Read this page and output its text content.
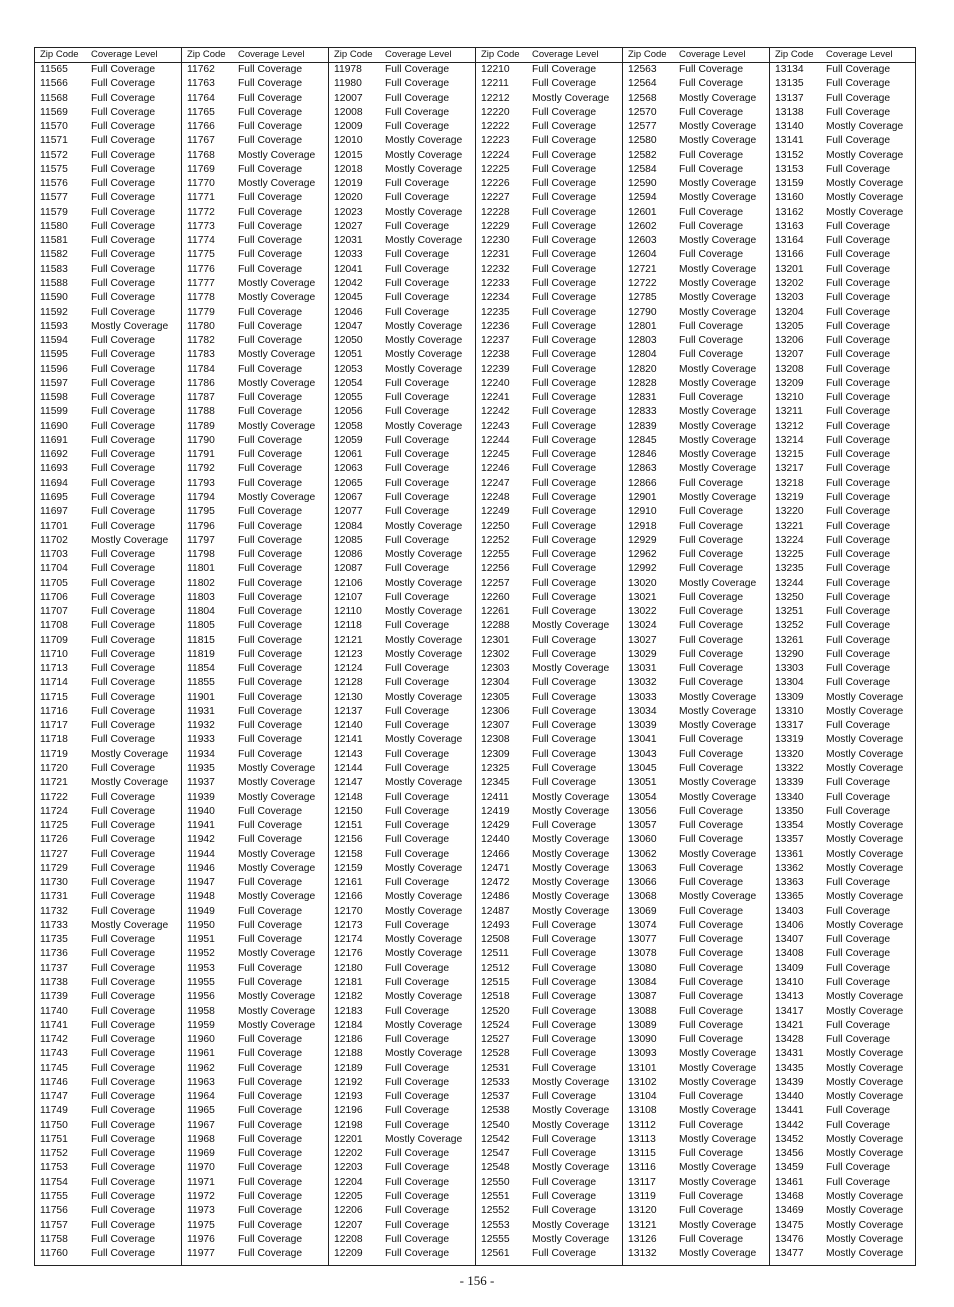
Zip Code	Coverage Level
11565	Full Coverage
11566	Full Coverage
11568	Full Coverage
11569	Full Coverage
11570	Full Coverage
11571	Full Coverage
11572	Full Coverage
11575	Full Coverage
11576	Full Coverage
11577	Full Coverage
11579	Full Coverage
11580	Full Coverage
11581	Full Coverage
11582	Full Coverage
11583	Full Coverage
11588	Full Coverage
11590	Full Coverage
11592	Full Coverage
11593	Mostly Coverage
11594	Full Coverage
11595	Full Coverage
11596	Full Coverage
11597	Full Coverage
11598	Full Coverage
11599	Full Coverage
11690	Full Coverage
11691	Full Coverage
11692	Full Coverage
11693	Full Coverage
11694	Full Coverage
11695	Full Coverage
11697	Full Coverage
11701	Full Coverage
11702	Mostly Coverage
11703	Full Coverage
11704	Full Coverage
11705	Full Coverage
11706	Full Coverage
11707	Full Coverage
11708	Full Coverage
11709	Full Coverage
11710	Full Coverage
11713	Full Coverage
11714	Full Coverage
11715	Full Coverage
11716	Full Coverage
11717	Full Coverage
11718	Full Coverage
11719	Mostly Coverage
11720	Full Coverage
11721	Mostly Coverage
11722	Full Coverage
11724	Full Coverage
11725	Full Coverage
11726	Full Coverage
11727	Full Coverage
11729	Full Coverage
11730	Full Coverage
11731	Full Coverage
11732	Full Coverage
11733	Mostly Coverage
11735	Full Coverage
11736	Full Coverage
11737	Full Coverage
11738	Full Coverage
11739	Full Coverage
11740	Full Coverage
11741	Full Coverage
11742	Full Coverage
11743	Full Coverage
11745	Full Coverage
11746	Full Coverage
11747	Full Coverage
11749	Full Coverage
11750	Full Coverage
11751	Full Coverage
11752	Full Coverage
11753	Full Coverage
11754	Full Coverage
11755	Full Coverage
11756	Full Coverage
11757	Full Coverage
11758	Full Coverage
11760	Full Coverage
Zip Code	Coverage Level
11762	Full Coverage
11763	Full Coverage
11764	Full Coverage
11765	Full Coverage
11766	Full Coverage
11767	Full Coverage
11768	Mostly Coverage
11769	Full Coverage
11770	Mostly Coverage
11771	Full Coverage
11772	Full Coverage
11773	Full Coverage
11774	Full Coverage
11775	Full Coverage
11776	Full Coverage
11777	Mostly Coverage
11778	Mostly Coverage
11779	Full Coverage
11780	Full Coverage
11782	Full Coverage
11783	Mostly Coverage
11784	Full Coverage
11786	Mostly Coverage
11787	Full Coverage
11788	Full Coverage
11789	Mostly Coverage
11790	Full Coverage
11791	Full Coverage
11792	Full Coverage
11793	Full Coverage
11794	Mostly Coverage
11795	Full Coverage
11796	Full Coverage
11797	Full Coverage
11798	Full Coverage
11801	Full Coverage
11802	Full Coverage
11803	Full Coverage
11804	Full Coverage
11805	Full Coverage
11815	Full Coverage
11819	Full Coverage
11854	Full Coverage
11855	Full Coverage
11901	Full Coverage
11931	Full Coverage
11932	Full Coverage
11933	Full Coverage
11934	Full Coverage
11935	Mostly Coverage
11937	Mostly Coverage
11939	Mostly Coverage
11940	Full Coverage
11941	Full Coverage
11942	Full Coverage
11944	Mostly Coverage
11946	Mostly Coverage
11947	Full Coverage
11948	Mostly Coverage
11949	Full Coverage
11950	Full Coverage
11951	Full Coverage
11952	Mostly Coverage
11953	Full Coverage
11955	Full Coverage
11956	Mostly Coverage
11958	Mostly Coverage
11959	Mostly Coverage
11960	Full Coverage
11961	Full Coverage
11962	Full Coverage
11963	Full Coverage
11964	Full Coverage
11965	Full Coverage
11967	Full Coverage
11968	Full Coverage
11969	Full Coverage
11970	Full Coverage
11971	Full Coverage
11972	Full Coverage
11973	Full Coverage
11975	Full Coverage
11976	Full Coverage
11977	Full Coverage
Zip Code	Coverage Level
11978	Full Coverage
11980	Full Coverage
12007	Full Coverage
12008	Full Coverage
12009	Full Coverage
12010	Mostly Coverage
12015	Mostly Coverage
12018	Mostly Coverage
12019	Full Coverage
12020	Full Coverage
12023	Mostly Coverage
12027	Full Coverage
12031	Mostly Coverage
12033	Full Coverage
12041	Full Coverage
12042	Full Coverage
12045	Full Coverage
12046	Full Coverage
12047	Mostly Coverage
12050	Mostly Coverage
12051	Mostly Coverage
12053	Mostly Coverage
12054	Full Coverage
12055	Full Coverage
12056	Full Coverage
12058	Mostly Coverage
12059	Full Coverage
12061	Full Coverage
12063	Full Coverage
12065	Full Coverage
12067	Full Coverage
12077	Full Coverage
12084	Mostly Coverage
12085	Full Coverage
12086	Mostly Coverage
12087	Full Coverage
12106	Mostly Coverage
12107	Full Coverage
12110	Mostly Coverage
12118	Full Coverage
12121	Mostly Coverage
12123	Mostly Coverage
12124	Full Coverage
12128	Full Coverage
12130	Mostly Coverage
12137	Full Coverage
12140	Full Coverage
12141	Mostly Coverage
12143	Full Coverage
12144	Full Coverage
12147	Mostly Coverage
12148	Full Coverage
12150	Full Coverage
12151	Full Coverage
12156	Full Coverage
12158	Full Coverage
12159	Mostly Coverage
12161	Full Coverage
12166	Mostly Coverage
12170	Mostly Coverage
12173	Full Coverage
12174	Mostly Coverage
12176	Mostly Coverage
12180	Full Coverage
12181	Full Coverage
12182	Mostly Coverage
12183	Full Coverage
12184	Mostly Coverage
12186	Full Coverage
12188	Mostly Coverage
12189	Full Coverage
12192	Full Coverage
12193	Full Coverage
12196	Full Coverage
12198	Full Coverage
12201	Mostly Coverage
12202	Full Coverage
12203	Full Coverage
12204	Full Coverage
12205	Full Coverage
12206	Full Coverage
12207	Full Coverage
12208	Full Coverage
12209	Full Coverage
Zip Code	Coverage Level
12210	Full Coverage
12211	Full Coverage
12212	Mostly Coverage
12220	Full Coverage
12222	Full Coverage
12223	Full Coverage
12224	Full Coverage
12225	Full Coverage
12226	Full Coverage
12227	Full Coverage
12228	Full Coverage
12229	Full Coverage
12230	Full Coverage
12231	Full Coverage
12232	Full Coverage
12233	Full Coverage
12234	Full Coverage
12235	Full Coverage
12236	Full Coverage
12237	Full Coverage
12238	Full Coverage
12239	Full Coverage
12240	Full Coverage
12241	Full Coverage
12242	Full Coverage
12243	Full Coverage
12244	Full Coverage
12245	Full Coverage
12246	Full Coverage
12247	Full Coverage
12248	Full Coverage
12249	Full Coverage
12250	Full Coverage
12252	Full Coverage
12255	Full Coverage
12256	Full Coverage
12257	Full Coverage
12260	Full Coverage
12261	Full Coverage
12288	Mostly Coverage
12301	Full Coverage
12302	Full Coverage
12303	Mostly Coverage
12304	Full Coverage
12305	Full Coverage
12306	Full Coverage
12307	Full Coverage
12308	Full Coverage
12309	Full Coverage
12325	Full Coverage
12345	Full Coverage
12411	Mostly Coverage
12419	Mostly Coverage
12429	Full Coverage
12440	Mostly Coverage
12466	Mostly Coverage
12471	Mostly Coverage
12472	Mostly Coverage
12486	Mostly Coverage
12487	Mostly Coverage
12493	Full Coverage
12508	Full Coverage
12511	Full Coverage
12512	Full Coverage
12515	Full Coverage
12518	Full Coverage
12520	Full Coverage
12524	Full Coverage
12527	Full Coverage
12528	Full Coverage
12531	Full Coverage
12533	Mostly Coverage
12537	Full Coverage
12538	Mostly Coverage
12540	Mostly Coverage
12542	Full Coverage
12547	Full Coverage
12548	Mostly Coverage
12550	Full Coverage
12551	Full Coverage
12552	Full Coverage
12553	Mostly Coverage
12555	Mostly Coverage
12561	Full Coverage
Zip Code	Coverage Level
12563	Full Coverage
12564	Full Coverage
12568	Mostly Coverage
12570	Full Coverage
12577	Mostly Coverage
12580	Mostly Coverage
12582	Full Coverage
12584	Full Coverage
12590	Mostly Coverage
12594	Mostly Coverage
12601	Full Coverage
12602	Full Coverage
12603	Mostly Coverage
12604	Full Coverage
12721	Mostly Coverage
12722	Mostly Coverage
12785	Mostly Coverage
12790	Mostly Coverage
12801	Full Coverage
12803	Full Coverage
12804	Full Coverage
12820	Mostly Coverage
12828	Mostly Coverage
12831	Full Coverage
12833	Mostly Coverage
12839	Mostly Coverage
12845	Mostly Coverage
12846	Mostly Coverage
12863	Mostly Coverage
12866	Full Coverage
12901	Mostly Coverage
12910	Full Coverage
12918	Full Coverage
12929	Full Coverage
12962	Full Coverage
12992	Full Coverage
13020	Mostly Coverage
13021	Full Coverage
13022	Full Coverage
13024	Full Coverage
13027	Full Coverage
13029	Full Coverage
13031	Full Coverage
13032	Full Coverage
13033	Mostly Coverage
13034	Mostly Coverage
13039	Mostly Coverage
13041	Full Coverage
13043	Full Coverage
13045	Full Coverage
13051	Mostly Coverage
13054	Mostly Coverage
13056	Full Coverage
13057	Full Coverage
13060	Full Coverage
13062	Mostly Coverage
13063	Full Coverage
13066	Full Coverage
13068	Mostly Coverage
13069	Full Coverage
13074	Full Coverage
13077	Full Coverage
13078	Full Coverage
13080	Full Coverage
13084	Full Coverage
13087	Full Coverage
13088	Full Coverage
13089	Full Coverage
13090	Full Coverage
13093	Mostly Coverage
13101	Mostly Coverage
13102	Mostly Coverage
13104	Full Coverage
13108	Mostly Coverage
13112	Full Coverage
13113	Mostly Coverage
13115	Full Coverage
13116	Mostly Coverage
13117	Mostly Coverage
13119	Full Coverage
13120	Full Coverage
13121	Mostly Coverage
13126	Full Coverage
13132	Mostly Coverage
Zip Code	Coverage Level
13134	Full Coverage
13135	Full Coverage
13137	Full Coverage
13138	Full Coverage
13140	Mostly Coverage
13141	Full Coverage
13152	Mostly Coverage
13153	Full Coverage
13159	Mostly Coverage
13160	Mostly Coverage
13162	Mostly Coverage
13163	Full Coverage
13164	Full Coverage
13166	Full Coverage
13201	Full Coverage
13202	Full Coverage
13203	Full Coverage
13204	Full Coverage
13205	Full Coverage
13206	Full Coverage
13207	Full Coverage
13208	Full Coverage
13209	Full Coverage
13210	Full Coverage
13211	Full Coverage
13212	Full Coverage
13214	Full Coverage
13215	Full Coverage
13217	Full Coverage
13218	Full Coverage
13219	Full Coverage
13220	Full Coverage
13221	Full Coverage
13224	Full Coverage
13225	Full Coverage
13235	Full Coverage
13244	Full Coverage
13250	Full Coverage
13251	Full Coverage
13252	Full Coverage
13261	Full Coverage
13290	Full Coverage
13303	Full Coverage
13304	Full Coverage
13309	Mostly Coverage
13310	Mostly Coverage
13317	Full Coverage
13319	Mostly Coverage
13320	Mostly Coverage
13322	Mostly Coverage
13339	Full Coverage
13340	Full Coverage
13350	Full Coverage
13354	Mostly Coverage
13357	Mostly Coverage
13361	Mostly Coverage
13362	Mostly Coverage
13363	Full Coverage
13365	Mostly Coverage
13403	Full Coverage
13406	Mostly Coverage
13407	Full Coverage
13408	Full Coverage
13409	Full Coverage
13410	Full Coverage
13413	Mostly Coverage
13417	Mostly Coverage
13421	Full Coverage
13428	Full Coverage
13431	Mostly Coverage
13435	Mostly Coverage
13439	Mostly Coverage
13440	Mostly Coverage
13441	Full Coverage
13442	Full Coverage
13452	Mostly Coverage
13456	Mostly Coverage
13459	Full Coverage
13461	Full Coverage
13468	Mostly Coverage
13469	Mostly Coverage
13475	Mostly Coverage
13476	Mostly Coverage
13477	Mostly Coverage
- 156 -
